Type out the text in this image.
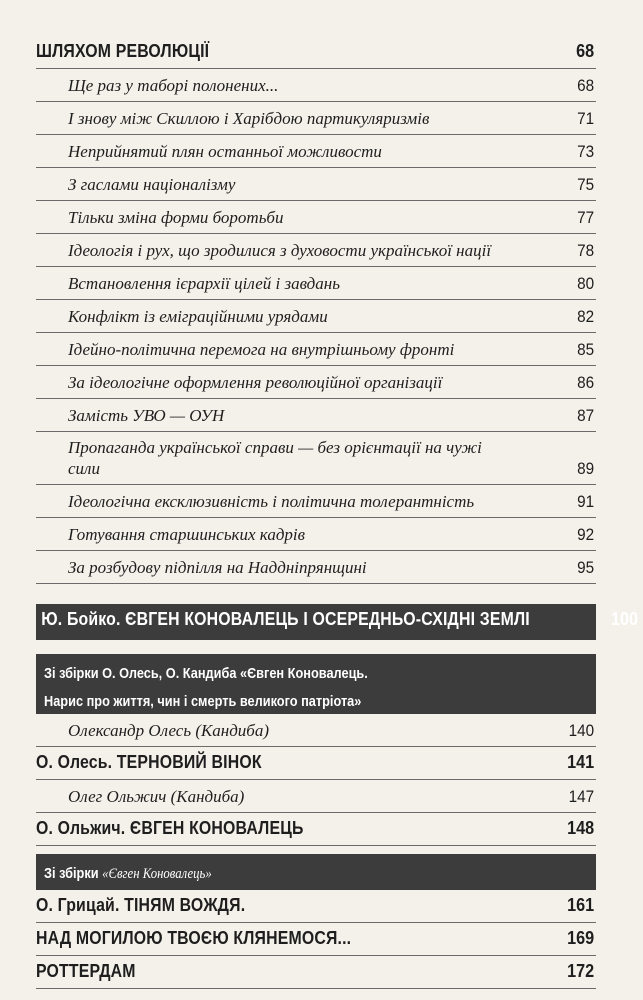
ШЛЯХОМ РЕВОЛЮЦІЇ	68
Ще раз у таборі полонених...	68
І знову між Скиллою і Харібдою партикуляризмів	71
Неприйнятий плян останньої можливости	73
З гаслами націоналізму	75
Тільки зміна форми боротьби	77
Ідеологія і рух, що зродилися з духовости української нації	78
Встановлення ієрархії цілей і завдань	80
Конфлікт із еміграційними урядами	82
Ідейно-політична перемога на внутрішньому фронті	85
За ідеологічне оформлення революційної організації	86
Замість УВО — ОУН	87
Пропаганда української справи — без орієнтації на чужі сили	89
Ідеологічна ексклюзивність і політична толерантність	91
Готування старшинських кадрів	92
За розбудову підпілля на Наддніпрянщині	95
Ю. Бойко. ЄВГЕН КОНОВАЛЕЦЬ І ОСЕРЕДНЬО-СХІДНІ ЗЕМЛІ	100
Зі збірки О. Олесь, О. Кандиба «Євген Коновалець.
Нарис про життя, чин і смерть великого патріота»
Олександр Олесь (Кандиба)	140
О. Олесь. ТЕРНОВИЙ ВІНОК	141
Олег Ольжич (Кандиба)	147
О. Ольжич. ЄВГЕН КОНОВАЛЕЦЬ	148
Зі збірки «Євген Коновалець»
О. Грицай. ТІНЯМ ВОЖДЯ.	161
НАД МОГИЛОЮ ТВОЄЮ КЛЯНЕМОСЯ...	169
РОТТЕРДАМ	172
